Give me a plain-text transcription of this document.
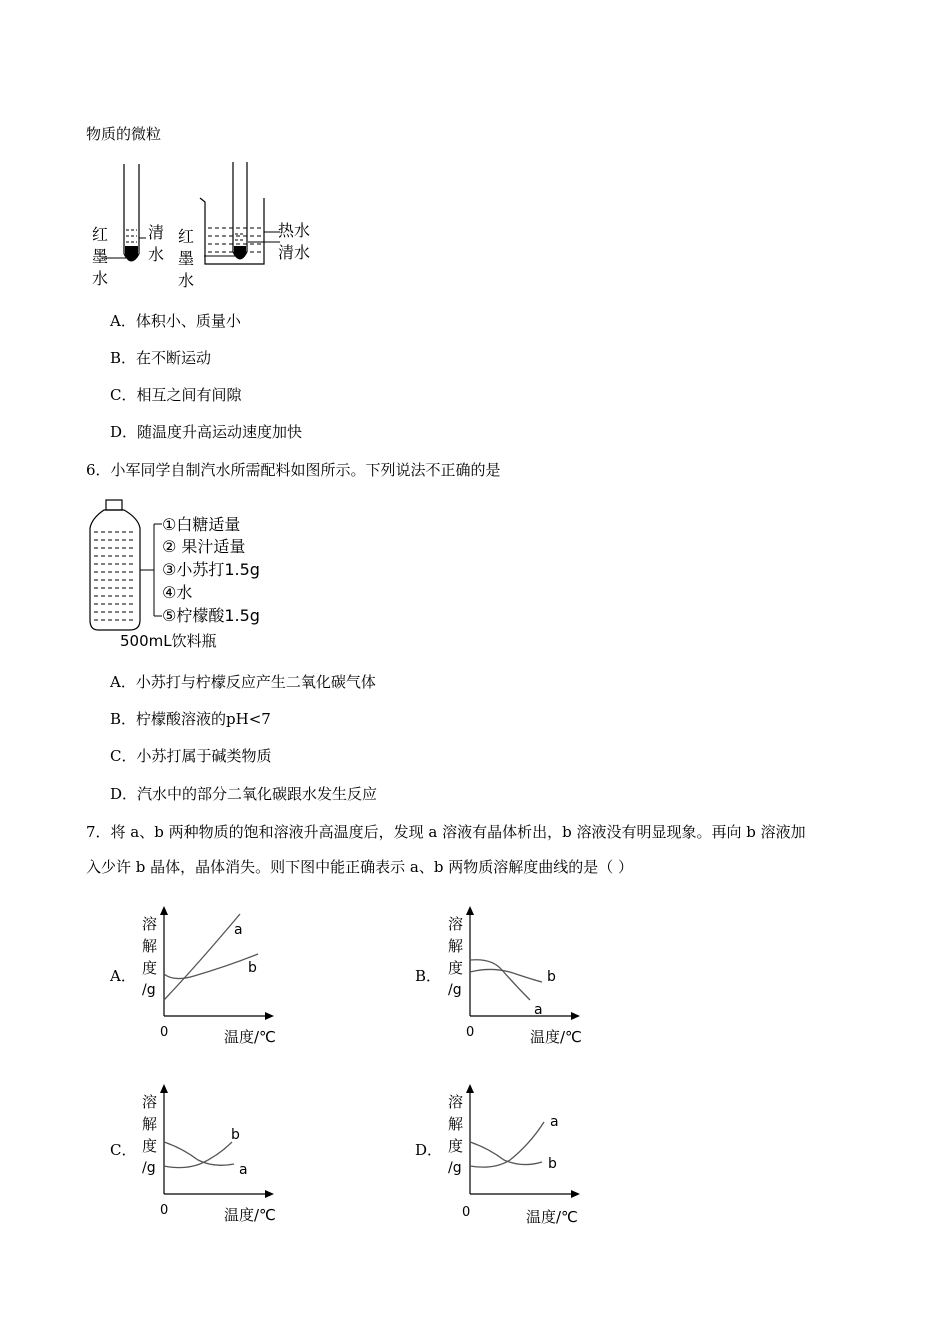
物质的微粒
清
水
红
墨
水
热水
清水
红
墨
水
A．体积小、质量小
B．在不断运动
C．相互之间有间隙
D．随温度升高运动速度加快
6．小军同学自制汽水所需配料如图所示。下列说法不正确的是
①白糖适量
② 果汁适量
③小苏打1.5g
④水
⑤柠檬酸1.5g
500mL饮料瓶
A．小苏打与柠檬反应产生二氧化碳气体
B．柠檬酸溶液的pH<7
C．小苏打属于碱类物质
D．汽水中的部分二氧化碳跟水发生反应
7．将 a、b 两种物质的饱和溶液升高温度后，发现 a 溶液有晶体析出，b 溶液没有明显现象。再向 b 溶液加
入少许 b 晶体，晶体消失。则下图中能正确表示 a、b 两物质溶解度曲线的是（ ）
A．
a
b
溶
解
度
/g
0	温度/℃
B．	b
a
溶
解
度
/g
0	温度/℃
C．
b
a
溶
解
度
/g
0	温度/℃
D．
a
b
溶
解
度
/g
0	温度/℃
